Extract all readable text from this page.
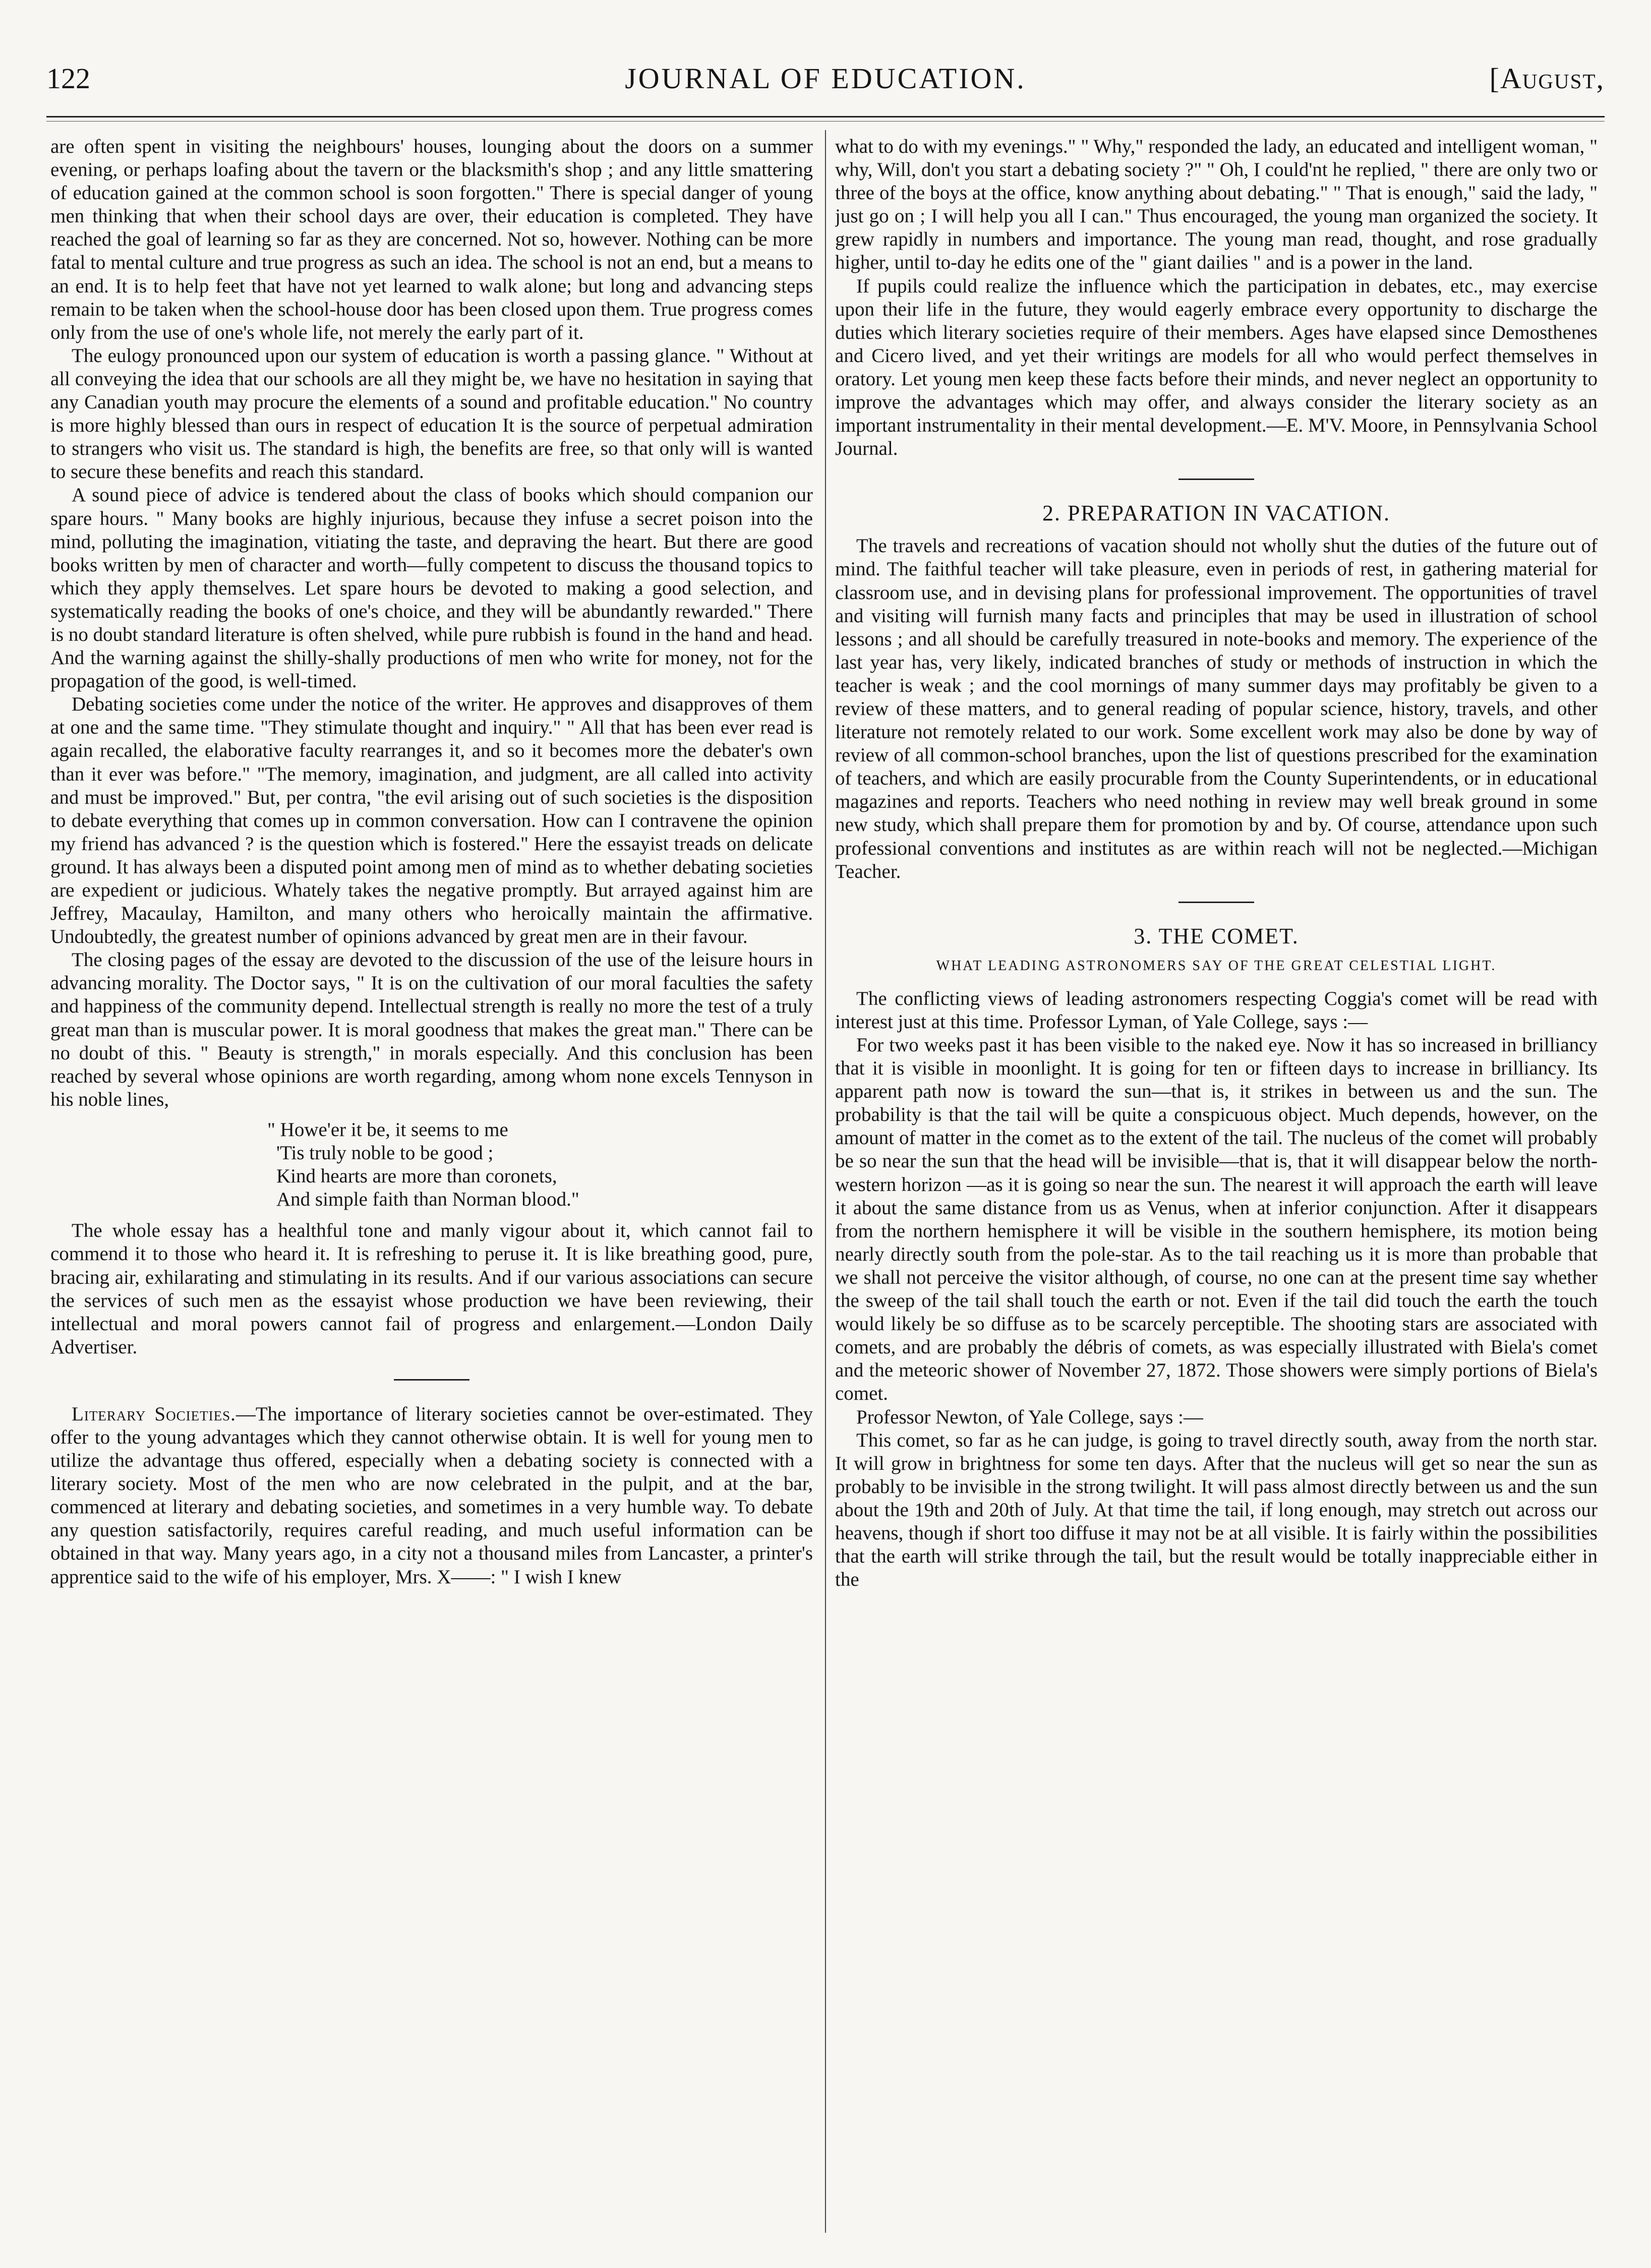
122	JOURNAL OF EDUCATION.	[August,

are often spent in visiting the neighbours' houses, lounging about the doors on a summer evening, or perhaps loafing about the tavern or the blacksmith's shop ; and any little smattering of education gained at the common school is soon forgotten." There is special danger of young men thinking that when their school days are over, their education is completed. They have reached the goal of learning so far as they are concerned. Not so, however. Nothing can be more fatal to mental culture and true progress as such an idea. The school is not an end, but a means to an end. It is to help feet that have not yet learned to walk alone; but long and advancing steps remain to be taken when the school-house door has been closed upon them. True progress comes only from the use of one's whole life, not merely the early part of it.

The eulogy pronounced upon our system of education is worth a passing glance. " Without at all conveying the idea that our schools are all they might be, we have no hesitation in saying that any Canadian youth may procure the elements of a sound and profitable education." No country is more highly blessed than ours in respect of education It is the source of perpetual admiration to strangers who visit us. The standard is high, the benefits are free, so that only will is wanted to secure these benefits and reach this standard.

A sound piece of advice is tendered about the class of books which should companion our spare hours. " Many books are highly injurious, because they infuse a secret poison into the mind, polluting the imagination, vitiating the taste, and depraving the heart. But there are good books written by men of character and worth—fully competent to discuss the thousand topics to which they apply themselves. Let spare hours be devoted to making a good selection, and systematically reading the books of one's choice, and they will be abundantly rewarded." There is no doubt standard literature is often shelved, while pure rubbish is found in the hand and head. And the warning against the shilly-shally productions of men who write for money, not for the propagation of the good, is well-timed.

Debating societies come under the notice of the writer. He approves and disapproves of them at one and the same time. "They stimulate thought and inquiry." " All that has been ever read is again recalled, the elaborative faculty rearranges it, and so it becomes more the debater's own than it ever was before." "The memory, imagination, and judgment, are all called into activity and must be improved." But, per contra, "the evil arising out of such societies is the disposition to debate everything that comes up in common conversation. How can I contravene the opinion my friend has advanced ? is the question which is fostered." Here the essayist treads on delicate ground. It has always been a disputed point among men of mind as to whether debating societies are expedient or judicious. Whately takes the negative promptly. But arrayed against him are Jeffrey, Macaulay, Hamilton, and many others who heroically maintain the affirmative. Undoubtedly, the greatest number of opinions advanced by great men are in their favour.

The closing pages of the essay are devoted to the discussion of the use of the leisure hours in advancing morality. The Doctor says, " It is on the cultivation of our moral faculties the safety and happiness of the community depend. Intellectual strength is really no more the test of a truly great man than is muscular power. It is moral goodness that makes the great man." There can be no doubt of this. " Beauty is strength," in morals especially. And this conclusion has been reached by several whose opinions are worth regarding, among whom none excels Tennyson in his noble lines,

" Howe'er it be, it seems to me
'Tis truly noble to be good ;
Kind hearts are more than coronets,
And simple faith than Norman blood."

The whole essay has a healthful tone and manly vigour about it, which cannot fail to commend it to those who heard it. It is refreshing to peruse it. It is like breathing good, pure, bracing air, exhilarating and stimulating in its results. And if our various associations can secure the services of such men as the essayist whose production we have been reviewing, their intellectual and moral powers cannot fail of progress and enlargement.—London Daily Advertiser.

Literary Societies.—The importance of literary societies cannot be over-estimated. They offer to the young advantages which they cannot otherwise obtain. It is well for young men to utilize the advantage thus offered, especially when a debating society is connected with a literary society. Most of the men who are now celebrated in the pulpit, and at the bar, commenced at literary and debating societies, and sometimes in a very humble way. To debate any question satisfactorily, requires careful reading, and much useful information can be obtained in that way. Many years ago, in a city not a thousand miles from Lancaster, a printer's apprentice said to the wife of his employer, Mrs. X——: " I wish I knew

what to do with my evenings." " Why," responded the lady, an educated and intelligent woman, " why, Will, don't you start a debating society ?" " Oh, I could'nt he replied, " there are only two or three of the boys at the office, know anything about debating." " That is enough," said the lady, " just go on ; I will help you all I can." Thus encouraged, the young man organized the society. It grew rapidly in numbers and importance. The young man read, thought, and rose gradually higher, until to-day he edits one of the " giant dailies " and is a power in the land.

If pupils could realize the influence which the participation in debates, etc., may exercise upon their life in the future, they would eagerly embrace every opportunity to discharge the duties which literary societies require of their members. Ages have elapsed since Demosthenes and Cicero lived, and yet their writings are models for all who would perfect themselves in oratory. Let young men keep these facts before their minds, and never neglect an opportunity to improve the advantages which may offer, and always consider the literary society as an important instrumentality in their mental development.—E. M'V. Moore, in Pennsylvania School Journal.

2. PREPARATION IN VACATION.

The travels and recreations of vacation should not wholly shut the duties of the future out of mind. The faithful teacher will take pleasure, even in periods of rest, in gathering material for classroom use, and in devising plans for professional improvement. The opportunities of travel and visiting will furnish many facts and principles that may be used in illustration of school lessons ; and all should be carefully treasured in note-books and memory. The experience of the last year has, very likely, indicated branches of study or methods of instruction in which the teacher is weak ; and the cool mornings of many summer days may profitably be given to a review of these matters, and to general reading of popular science, history, travels, and other literature not remotely related to our work. Some excellent work may also be done by way of review of all common-school branches, upon the list of questions prescribed for the examination of teachers, and which are easily procurable from the County Superintendents, or in educational magazines and reports. Teachers who need nothing in review may well break ground in some new study, which shall prepare them for promotion by and by. Of course, attendance upon such professional conventions and institutes as are within reach will not be neglected.—Michigan Teacher.

3. THE COMET.
WHAT LEADING ASTRONOMERS SAY OF THE GREAT CELESTIAL LIGHT.

The conflicting views of leading astronomers respecting Coggia's comet will be read with interest just at this time. Professor Lyman, of Yale College, says :—

For two weeks past it has been visible to the naked eye. Now it has so increased in brilliancy that it is visible in moonlight. It is going for ten or fifteen days to increase in brilliancy. Its apparent path now is toward the sun—that is, it strikes in between us and the sun. The probability is that the tail will be quite a conspicuous object. Much depends, however, on the amount of matter in the comet as to the extent of the tail. The nucleus of the comet will probably be so near the sun that the head will be invisible—that is, that it will disappear below the north-western horizon —as it is going so near the sun. The nearest it will approach the earth will leave it about the same distance from us as Venus, when at inferior conjunction. After it disappears from the northern hemisphere it will be visible in the southern hemisphere, its motion being nearly directly south from the pole-star. As to the tail reaching us it is more than probable that we shall not perceive the visitor although, of course, no one can at the present time say whether the sweep of the tail shall touch the earth or not. Even if the tail did touch the earth the touch would likely be so diffuse as to be scarcely perceptible. The shooting stars are associated with comets, and are probably the débris of comets, as was especially illustrated with Biela's comet and the meteoric shower of November 27, 1872. Those showers were simply portions of Biela's comet.

Professor Newton, of Yale College, says :—

This comet, so far as he can judge, is going to travel directly south, away from the north star. It will grow in brightness for some ten days. After that the nucleus will get so near the sun as probably to be invisible in the strong twilight. It will pass almost directly between us and the sun about the 19th and 20th of July. At that time the tail, if long enough, may stretch out across our heavens, though if short too diffuse it may not be at all visible. It is fairly within the possibilities that the earth will strike through the tail, but the result would be totally inappreciable either in the
